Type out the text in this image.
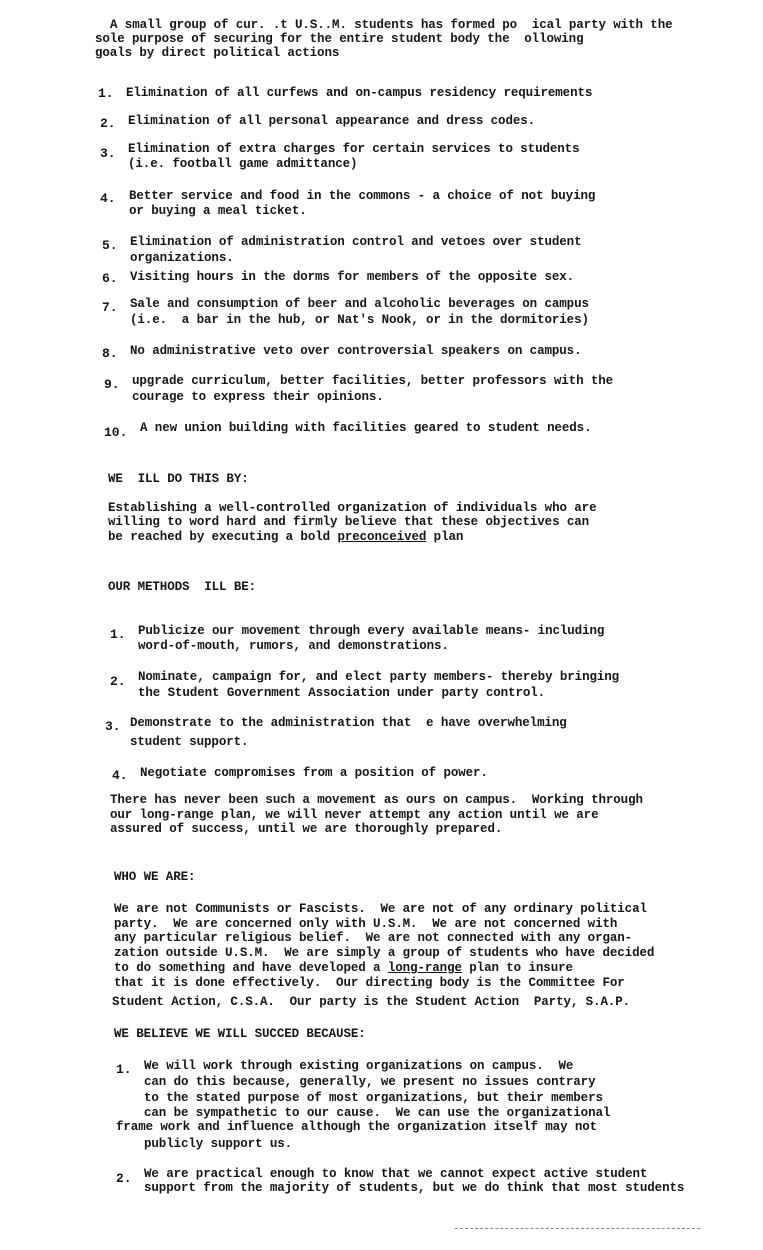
A small group of cur. .t U.S..M. students has formed po  ical party with the
sole purpose of securing for the entire student body the  ollowing
goals by direct political actions
1. Elimination of all curfews and on-campus residency requirements
2. Elimination of all personal appearance and dress codes.
3. Elimination of extra charges for certain services to students
(i.e. football game admittance)
4. Better service and food in the commons - a choice of not buying
or buying a meal ticket.
5. Elimination of administration control and vetoes over student
organizations.
6. Visiting hours in the dorms for members of the opposite sex.
7. Sale and consumption of beer and alcoholic beverages on campus
(i.e.  a bar in the hub, or Nat's Nook, or in the dormitories)
8. No administrative veto over controversial speakers on campus.
9. upgrade curriculum, better facilities, better professors with the
courage to express their opinions.
10. A new union building with facilities geared to student needs.
WE  ILL DO THIS BY:
Establishing a well-controlled organization of individuals who are
willing to word hard and firmly believe that these objectives can
be reached by executing a bold preconceived plan
OUR METHODS  ILL BE:
1. Publicize our movement through every available means- including
word-of-mouth, rumors, and demonstrations.
2. Nominate, campaign for, and elect party members- thereby bringing
the Student Government Association under party control.
3. Demonstrate to the administration that  e have overwhelming
student support.
4. Negotiate compromises from a position of power.
There has never been such a movement as ours on campus.  Working through
our long-range plan, we will never attempt any action until we are
assured of success, until we are thoroughly prepared.
WHO WE ARE:
We are not Communists or Fascists.  We are not of any ordinary political
party.  We are concerned only with U.S.M.  We are not concerned with
any particular religious belief.  We are not connected with any organ-
zation outside U.S.M.  We are simply a group of students who have decided
to do something and have developed a long-range plan to insure
that it is done effectively.  Our directing body is the Committee For
Student Action, C.S.A.  Our party is the Student Action  Party, S.A.P.
WE BELIEVE WE WILL SUCCED BECAUSE:
1. We will work through existing organizations on campus.  We
can do this because, generally, we present no issues contrary
to the stated purpose of most organizations, but their members
can be sympathetic to our cause.  We can use the organizational
frame work and influence although the organization itself may not
publicly support us.
2. We are practical enough to know that we cannot expect active student
support from the majority of students, but we do think that most students
